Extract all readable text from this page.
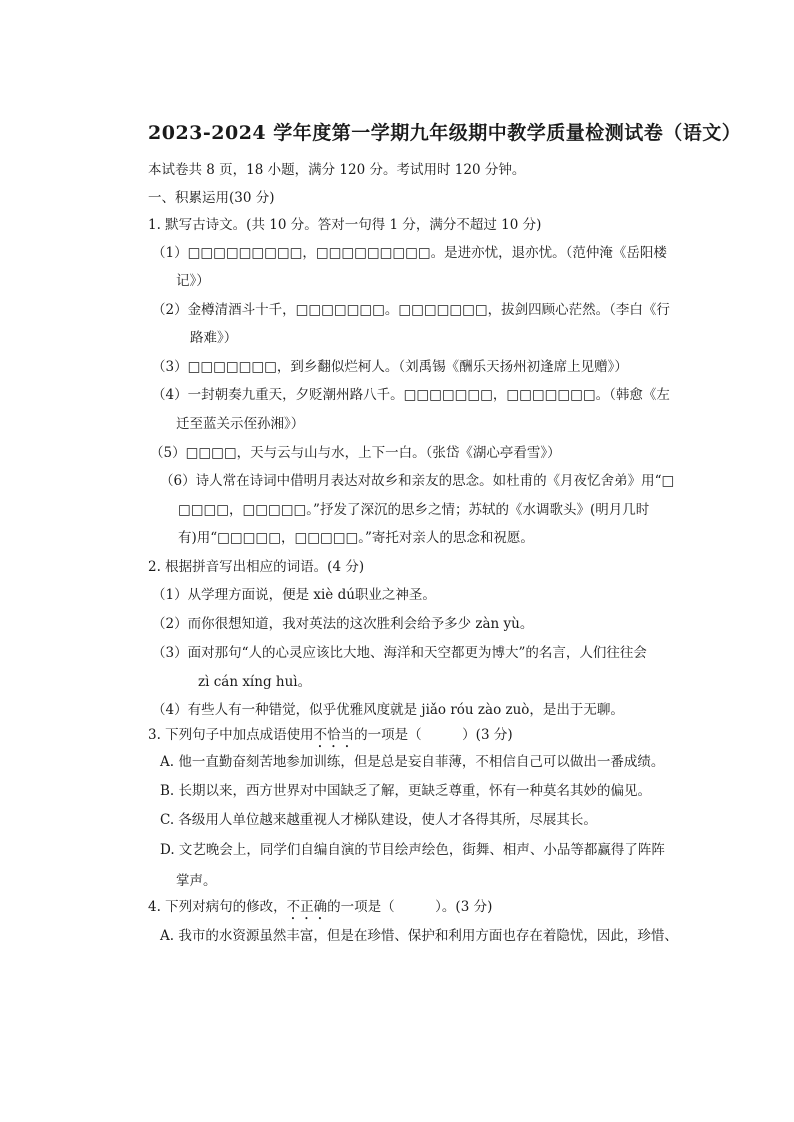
2023-2024 学年度第一学期九年级期中教学质量检测试卷（语文）
本试卷共 8 页，18 小题，满分 120 分。考试用时 120 分钟。
一、积累运用(30 分)
1. 默写古诗文。(共 10 分。答对一句得 1 分，满分不超过 10 分)
（1）□□□□□□□□□，□□□□□□□□□。是进亦忧，退亦忧。（范仲淹《岳阳楼
记》）
（2）金樽清酒斗十千，□□□□□□□。□□□□□□□，拔剑四顾心茫然。（李白《行
路难》）
（3）□□□□□□□，到乡翻似烂柯人。（刘禹锡《酬乐天扬州初逢席上见赠》）
（4）一封朝奏九重天，夕贬潮州路八千。□□□□□□□，□□□□□□□。（韩愈《左
迁至蓝关示侄孙湘》）
（5）□□□□，天与云与山与水，上下一白。（张岱《湖心亭看雪》）
（6）诗人常在诗词中借明月表达对故乡和亲友的思念。如杜甫的《月夜忆舍弟》用“□
□□□□，□□□□□。”抒发了深沉的思乡之情；苏轼的《水调歌头》(明月几时
有)用“□□□□□，□□□□□。”寄托对亲人的思念和祝愿。
2. 根据拼音写出相应的词语。(4 分)
（1）从学理方面说，便是 xiè dú职业之神圣。
（2）而你很想知道，我对英法的这次胜利会给予多少 zàn yù。
（3）面对那句“人的心灵应该比大地、海洋和天空都更为博大”的名言，人们往往会
zì cán xíng huì。
（4）有些人有一种错觉，似乎优雅风度就是 jiǎo róu zào zuò，是出于无聊。
3. 下列句子中加点成语使用不恰当的一项是（　　　）(3 分)
A. 他一直勤奋刻苦地参加训练，但是总是妄自菲薄，不相信自己可以做出一番成绩。
B. 长期以来，西方世界对中国缺乏了解，更缺乏尊重，怀有一种莫名其妙的偏见。
C. 各级用人单位越来越重视人才梯队建设，使人才各得其所，尽展其长。
D. 文艺晚会上，同学们自编自演的节目绘声绘色，街舞、相声、小品等都赢得了阵阵
掌声。
4. 下列对病句的修改，不正确的一项是（　　　）。(3 分)
A. 我市的水资源虽然丰富，但是在珍惜、保护和利用方面也存在着隐忧，因此，珍惜、
